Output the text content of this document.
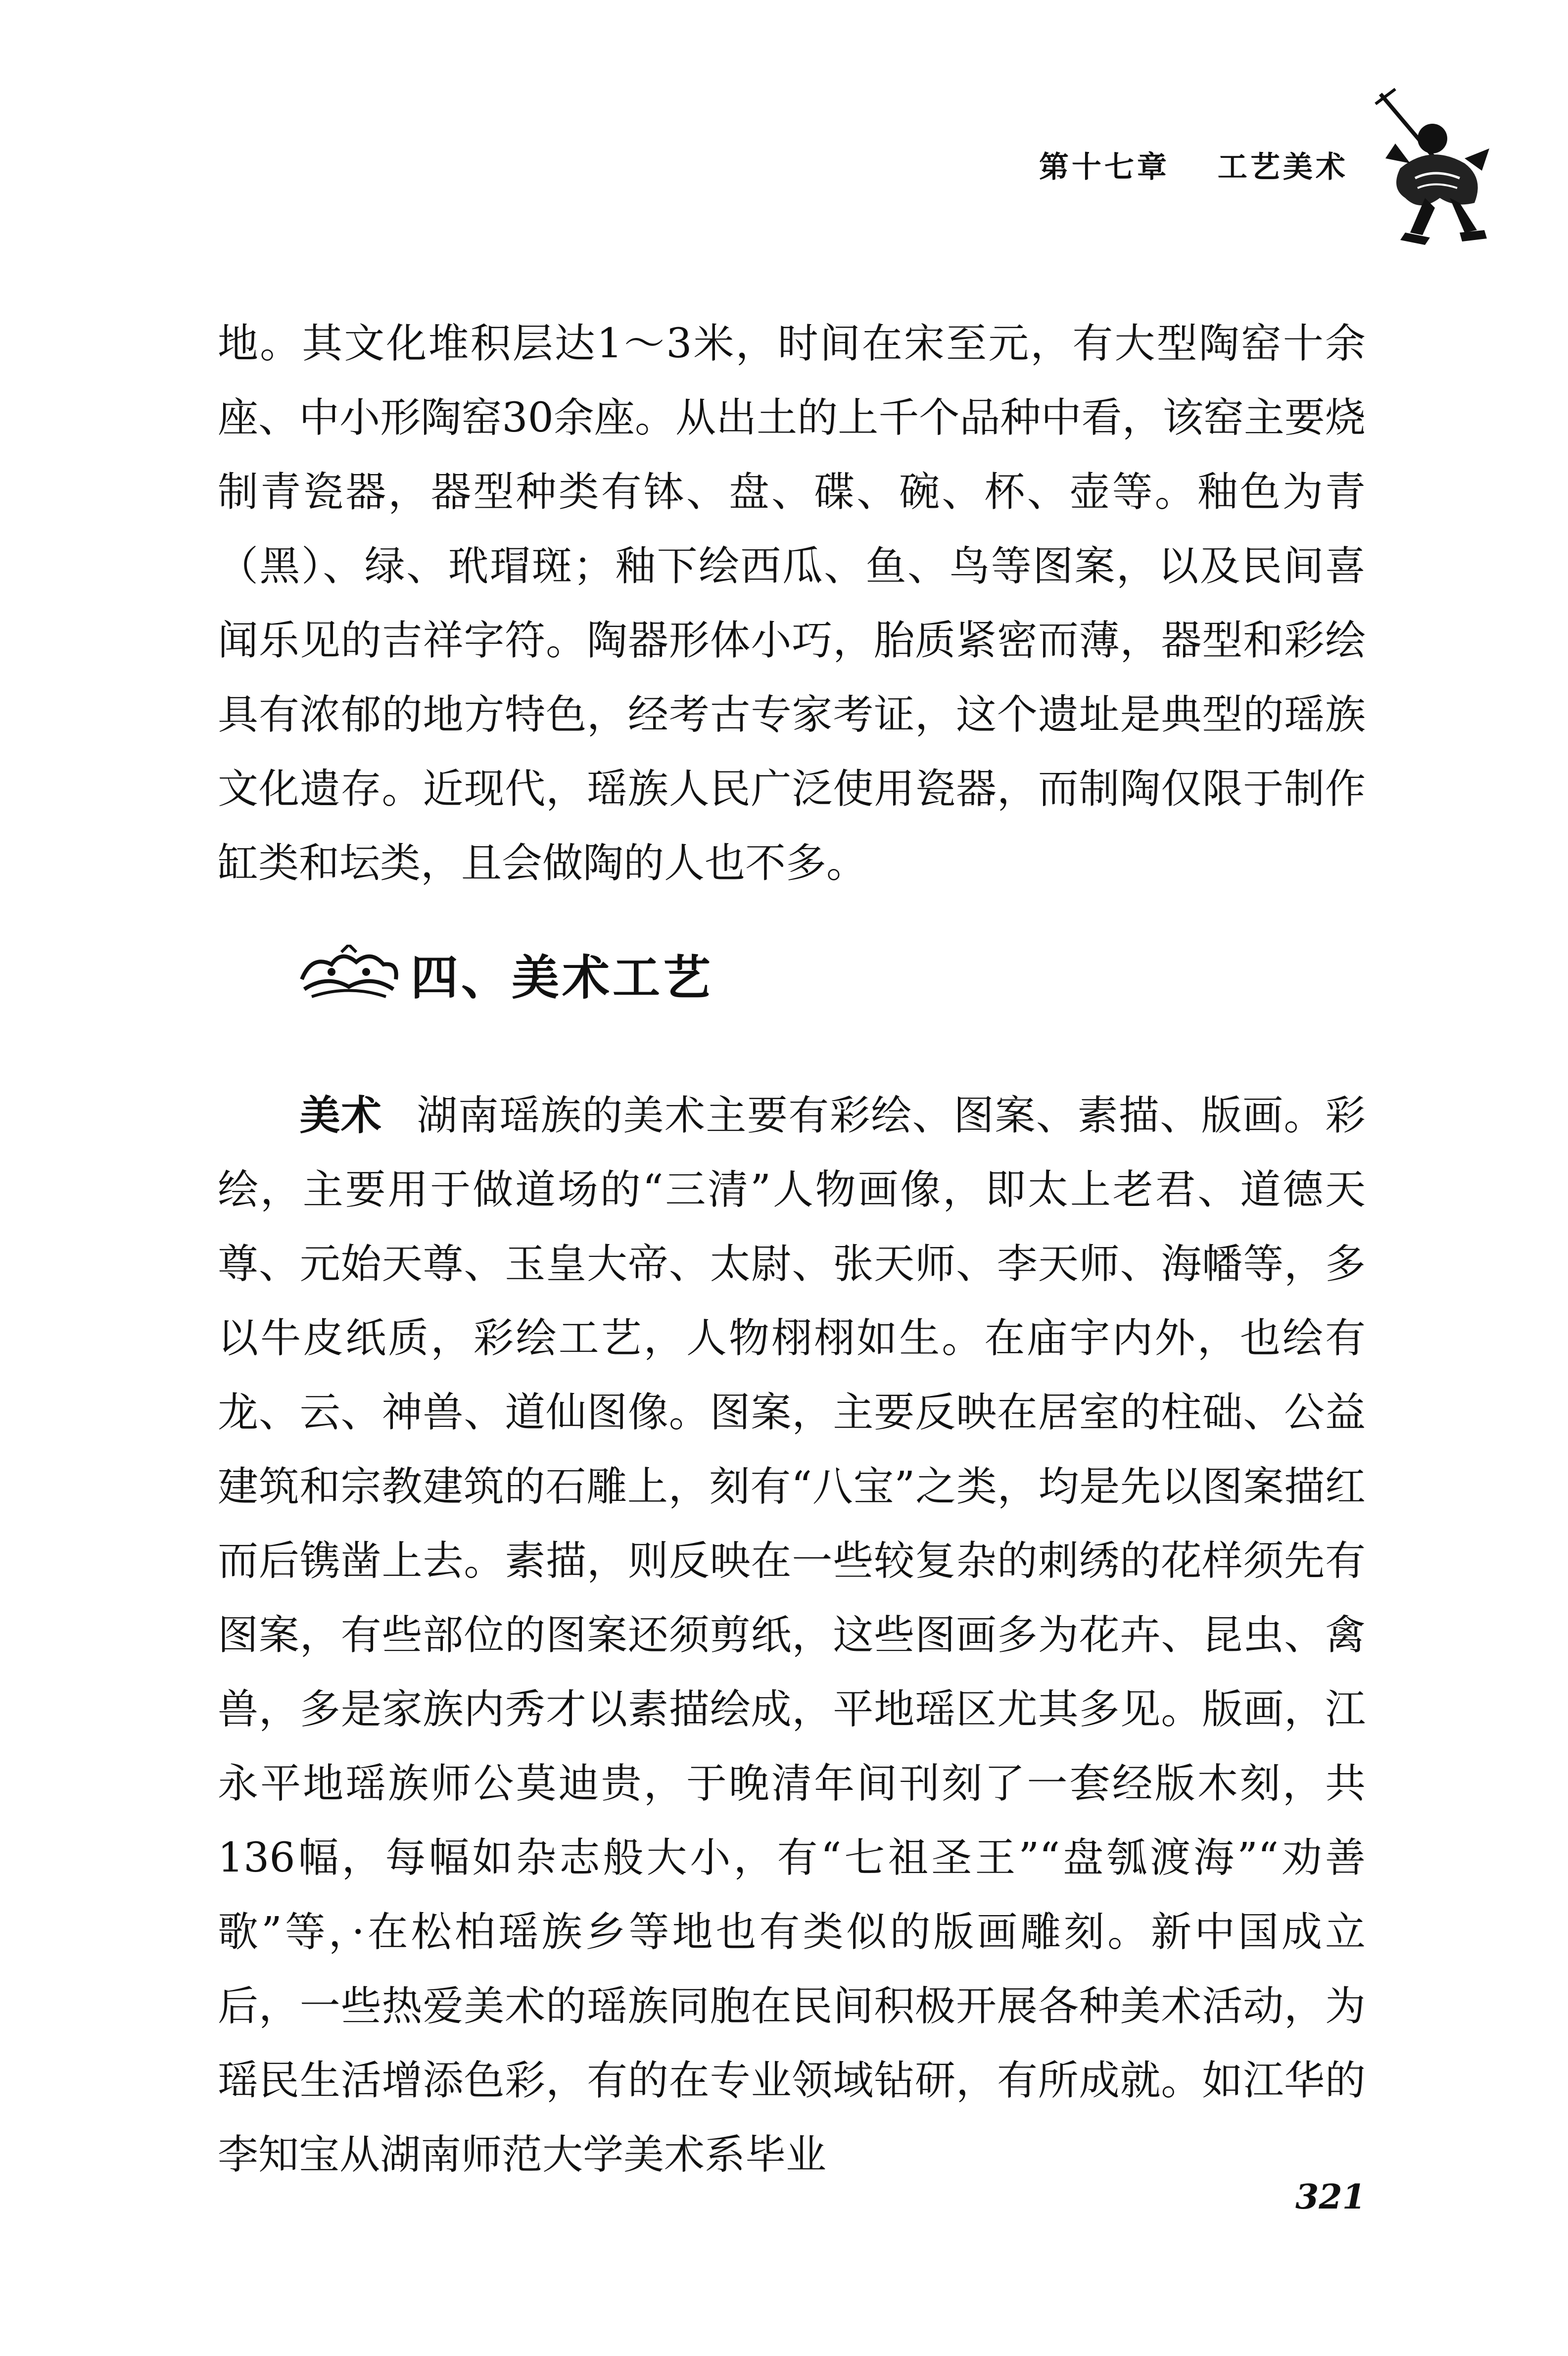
第十七章 工艺美术
地。其文化堆积层达1～3米，时间在宋至元，有大型陶窑十余座、中小形陶窑30余座。从出土的上千个品种中看，该窑主要烧制青瓷器，器型种类有钵、盘、碟、碗、杯、壶等。釉色为青（黑）、绿、玳瑁斑；釉下绘西瓜、鱼、鸟等图案，以及民间喜闻乐见的吉祥字符。陶器形体小巧，胎质紧密而薄，器型和彩绘具有浓郁的地方特色，经考古专家考证，这个遗址是典型的瑶族文化遗存。近现代，瑶族人民广泛使用瓷器，而制陶仅限于制作缸类和坛类，且会做陶的人也不多。
四、美术工艺
美术 湖南瑶族的美术主要有彩绘、图案、素描、版画。彩绘，主要用于做道场的“三清”人物画像，即太上老君、道德天尊、元始天尊、玉皇大帝、太尉、张天师、李天师、海幡等，多以牛皮纸质，彩绘工艺，人物栩栩如生。在庙宇内外，也绘有龙、云、神兽、道仙图像。图案，主要反映在居室的柱础、公益建筑和宗教建筑的石雕上，刻有“八宝”之类，均是先以图案描红而后镌凿上去。素描，则反映在一些较复杂的刺绣的花样须先有图案，有些部位的图案还须剪纸，这些图画多为花卉、昆虫、禽兽，多是家族内秀才以素描绘成，平地瑶区尤其多见。版画，江永平地瑶族师公莫迪贵，于晚清年间刊刻了一套经版木刻，共136幅，每幅如杂志般大小，有“七祖圣王”“盘瓠渡海”“劝善歌”等，·在松柏瑶族乡等地也有类似的版画雕刻。新中国成立后，一些热爱美术的瑶族同胞在民间积极开展各种美术活动，为瑶民生活增添色彩，有的在专业领域钻研，有所成就。如江华的李知宝从湖南师范大学美术系毕业
321
